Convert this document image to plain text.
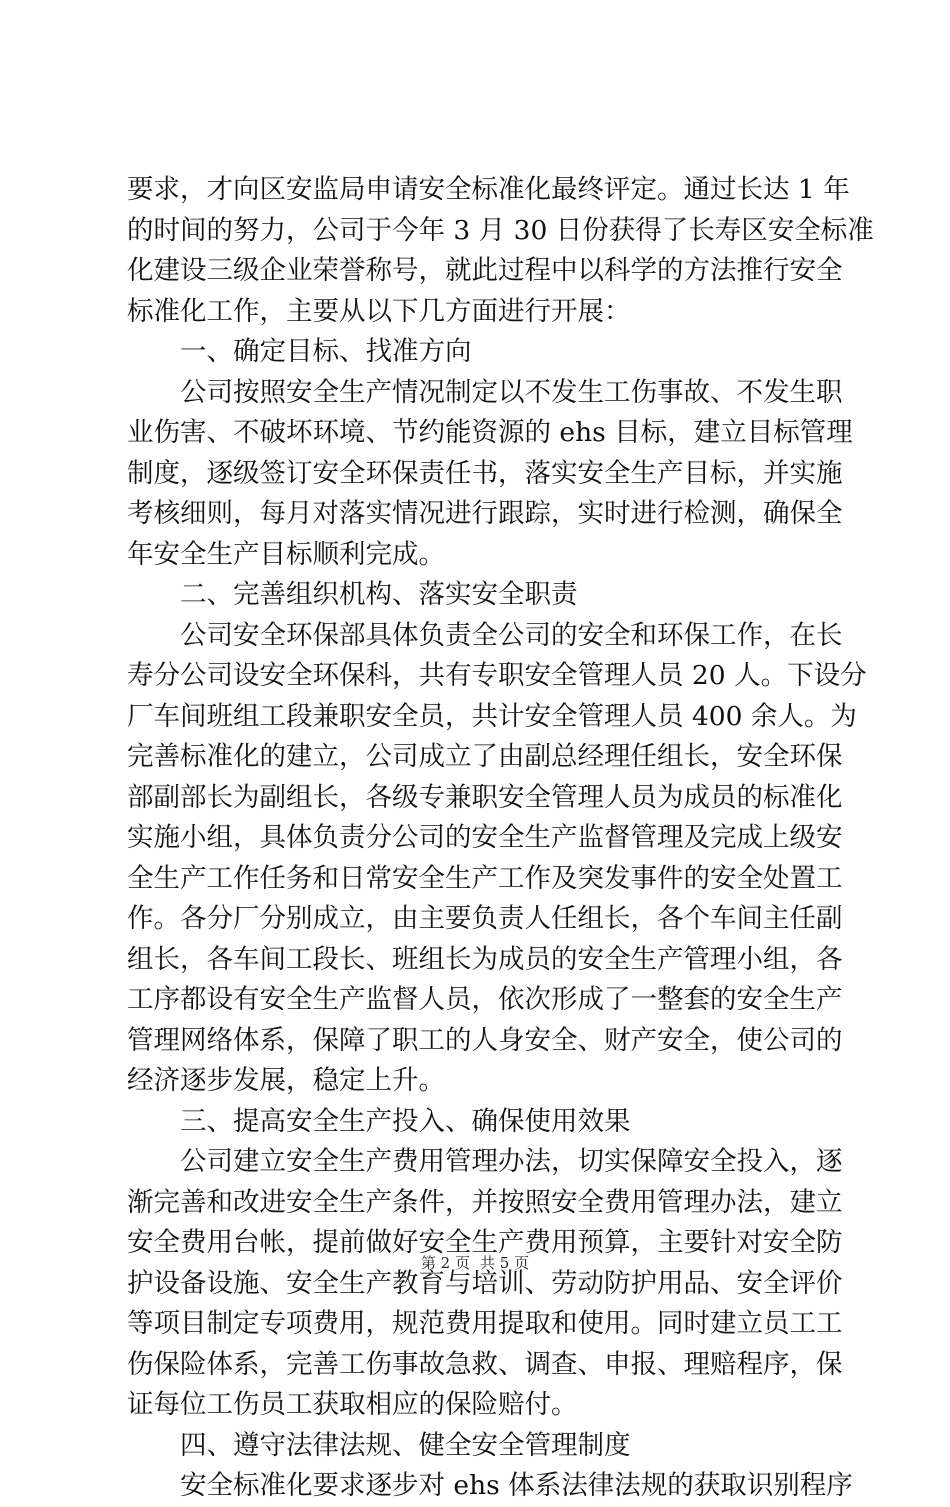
要求，才向区安监局申请安全标准化最终评定。通过长达 1 年
的时间的努力，公司于今年 3 月 30 日份获得了长寿区安全标准
化建设三级企业荣誉称号，就此过程中以科学的方法推行安全
标准化工作，主要从以下几方面进行开展：
一、确定目标、找准方向
公司按照安全生产情况制定以不发生工伤事故、不发生职
业伤害、不破坏环境、节约能资源的 ehs 目标，建立目标管理
制度，逐级签订安全环保责任书，落实安全生产目标，并实施
考核细则，每月对落实情况进行跟踪，实时进行检测，确保全
年安全生产目标顺利完成。
二、完善组织机构、落实安全职责
公司安全环保部具体负责全公司的安全和环保工作，在长
寿分公司设安全环保科，共有专职安全管理人员 20 人。下设分
厂车间班组工段兼职安全员，共计安全管理人员 400 余人。为
完善标准化的建立，公司成立了由副总经理任组长，安全环保
部副部长为副组长，各级专兼职安全管理人员为成员的标准化
实施小组，具体负责分公司的安全生产监督管理及完成上级安
全生产工作任务和日常安全生产工作及突发事件的安全处置工
作。各分厂分别成立，由主要负责人任组长，各个车间主任副
组长，各车间工段长、班组长为成员的安全生产管理小组，各
工序都设有安全生产监督人员，依次形成了一整套的安全生产
管理网络体系，保障了职工的人身安全、财产安全，使公司的
经济逐步发展，稳定上升。
三、提高安全生产投入、确保使用效果
公司建立安全生产费用管理办法，切实保障安全投入，逐
渐完善和改进安全生产条件，并按照安全费用管理办法，建立
安全费用台帐，提前做好安全生产费用预算，主要针对安全防
护设备设施、安全生产教育与培训、劳动防护用品、安全评价
等项目制定专项费用，规范费用提取和使用。同时建立员工工
伤保险体系，完善工伤事故急救、调查、申报、理赔程序，保
证每位工伤员工获取相应的保险赔付。
四、遵守法律法规、健全安全管理制度
安全标准化要求逐步对 ehs 体系法律法规的获取识别程序
第 2 页 共 5 页
